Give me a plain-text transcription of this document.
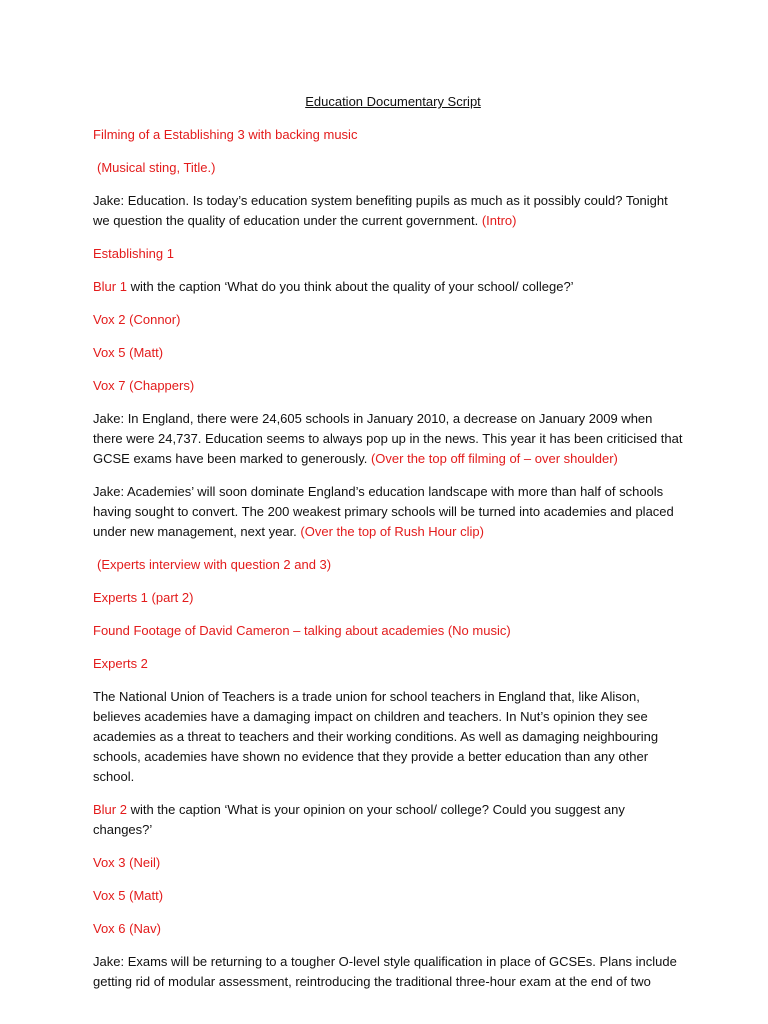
Education Documentary Script

Filming of a Establishing 3 with backing music

(Musical sting, Title.)

Jake: Education. Is today’s education system benefiting pupils as much as it possibly could? Tonight we question the quality of education under the current government. (Intro)

Establishing 1

Blur 1 with the caption ‘What do you think about the quality of your school/ college?’

Vox 2 (Connor)

Vox 5 (Matt)

Vox 7 (Chappers)

Jake: In England, there were 24,605 schools in January 2010, a decrease on January 2009 when there were 24,737. Education seems to always pop up in the news. This year it has been criticised that GCSE exams have been marked to generously. (Over the top off filming of – over shoulder)

Jake: Academies’ will soon dominate England’s education landscape with more than half of schools having sought to convert. The 200 weakest primary schools will be turned into academies and placed under new management, next year. (Over the top of Rush Hour clip)

(Experts interview with question 2 and 3)

Experts 1 (part 2)

Found Footage of David Cameron – talking about academies (No music)

Experts 2

The National Union of Teachers is a trade union for school teachers in England that, like Alison, believes academies have a damaging impact on children and teachers. In Nut’s opinion they see academies as a threat to teachers and their working conditions. As well as damaging neighbouring schools, academies have shown no evidence that they provide a better education than any other school.

Blur 2 with the caption ‘What is your opinion on your school/ college? Could you suggest any changes?’

Vox 3 (Neil)

Vox 5 (Matt)

Vox 6 (Nav)

Jake: Exams will be returning to a tougher O-level style qualification in place of GCSEs. Plans include getting rid of modular assessment, reintroducing the traditional three-hour exam at the end of two
